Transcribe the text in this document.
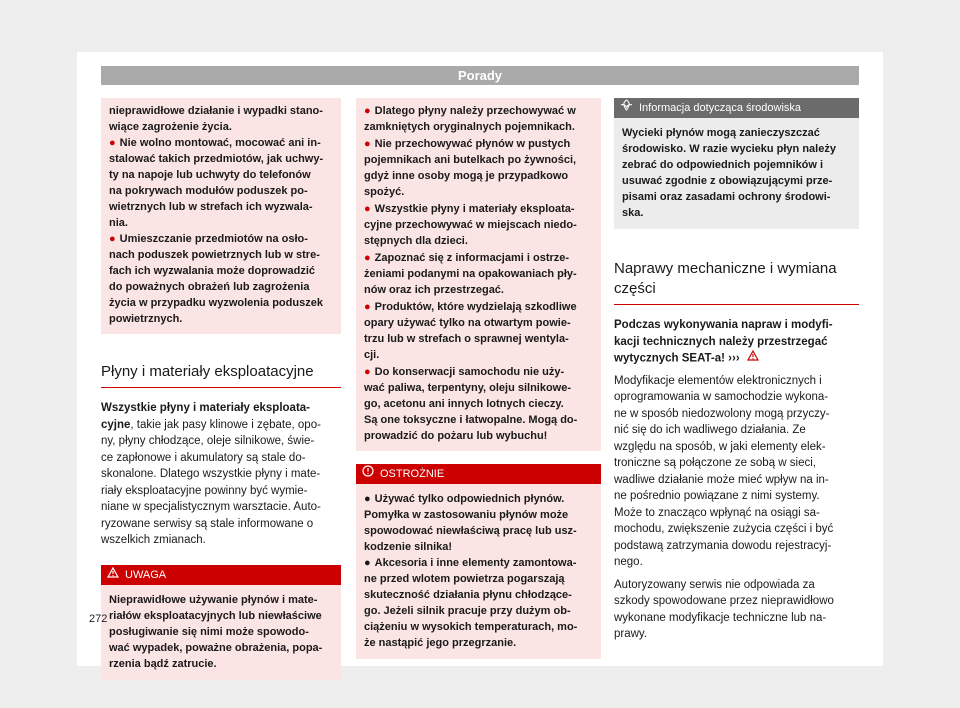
Porady

nieprawidłowe działanie i wypadki stano-

wiące zagrożenie życia.

● Nie wolno montować, mocować ani in-

stalować takich przedmiotów, jak uchwy-

ty na napoje lub uchwyty do telefonów

na pokrywach modułów poduszek po-

wietrznych lub w strefach ich wyzwala-

nia.

● Umieszczanie przedmiotów na osło-

nach poduszek powietrznych lub w stre-

fach ich wyzwalania może doprowadzić

do poważnych obrażeń lub zagrożenia

życia w przypadku wyzwolenia poduszek

powietrznych.

Płyny i materiały eksploatacyjne

Wszystkie płyny i materiały eksploata-

cyjne, takie jak pasy klinowe i zębate, opo-

ny, płyny chłodzące, oleje silnikowe, świe-

ce zapłonowe i akumulatory są stale do-

skonalone. Dlatego wszystkie płyny i mate-

riały eksploatacyjne powinny być wymie-

niane w specjalistycznym warsztacie. Auto-

ryzowane serwisy są stale informowane o

wszelkich zmianach.

UWAGA

Nieprawidłowe używanie płynów i mate-

riałów eksploatacyjnych lub niewłaściwe

posługiwanie się nimi może spowodo-

wać wypadek, poważne obrażenia, popa-

rzenia bądź zatrucie.

● Dlatego płyny należy przechowywać w

zamkniętych oryginalnych pojemnikach.

● Nie przechowywać płynów w pustych

pojemnikach ani butelkach po żywności,

gdyż inne osoby mogą je przypadkowo

spożyć.

● Wszystkie płyny i materiały eksploata-

cyjne przechowywać w miejscach niedo-

stępnych dla dzieci.

● Zapoznać się z informacjami i ostrze-

żeniami podanymi na opakowaniach pły-

nów oraz ich przestrzegać.

● Produktów, które wydzielają szkodliwe

opary używać tylko na otwartym powie-

trzu lub w strefach o sprawnej wentyla-

cji.

● Do konserwacji samochodu nie uży-

wać paliwa, terpentyny, oleju silnikowe-

go, acetonu ani innych lotnych cieczy.

Są one toksyczne i łatwopalne. Mogą do-

prowadzić do pożaru lub wybuchu!

OSTROŻNIE

● Używać tylko odpowiednich płynów.

Pomyłka w zastosowaniu płynów może

spowodować niewłaściwą pracę lub usz-

kodzenie silnika!

● Akcesoria i inne elementy zamontowa-

ne przed wlotem powietrza pogarszają

skuteczność działania płynu chłodzące-

go. Jeżeli silnik pracuje przy dużym ob-

ciążeniu w wysokich temperaturach, mo-

że nastąpić jego przegrzanie.

Informacja dotycząca środowiska

Wycieki płynów mogą zanieczyszczać

środowisko. W razie wycieku płyn należy

zebrać do odpowiednich pojemników i

usuwać zgodnie z obowiązującymi prze-

pisami oraz zasadami ochrony środowi-

ska.

Naprawy mechaniczne i wymiana

części

Podczas wykonywania napraw i modyfi-

kacji technicznych należy przestrzegać

wytycznych SEAT-a! ›››

Modyfikacje elementów elektronicznych i

oprogramowania w samochodzie wykona-

ne w sposób niedozwolony mogą przyczy-

nić się do ich wadliwego działania. Ze

względu na sposób, w jaki elementy elek-

troniczne są połączone ze sobą w sieci,

wadliwe działanie może mieć wpływ na in-

ne pośrednio powiązane z nimi systemy.

Może to znacząco wpłynąć na osiągi sa-

mochodu, zwiększenie zużycia części i być

podstawą zatrzymania dowodu rejestracyj-

nego.

Autoryzowany serwis nie odpowiada za

szkody spowodowane przez nieprawidłowo

wykonane modyfikacje techniczne lub na-

prawy.

272
